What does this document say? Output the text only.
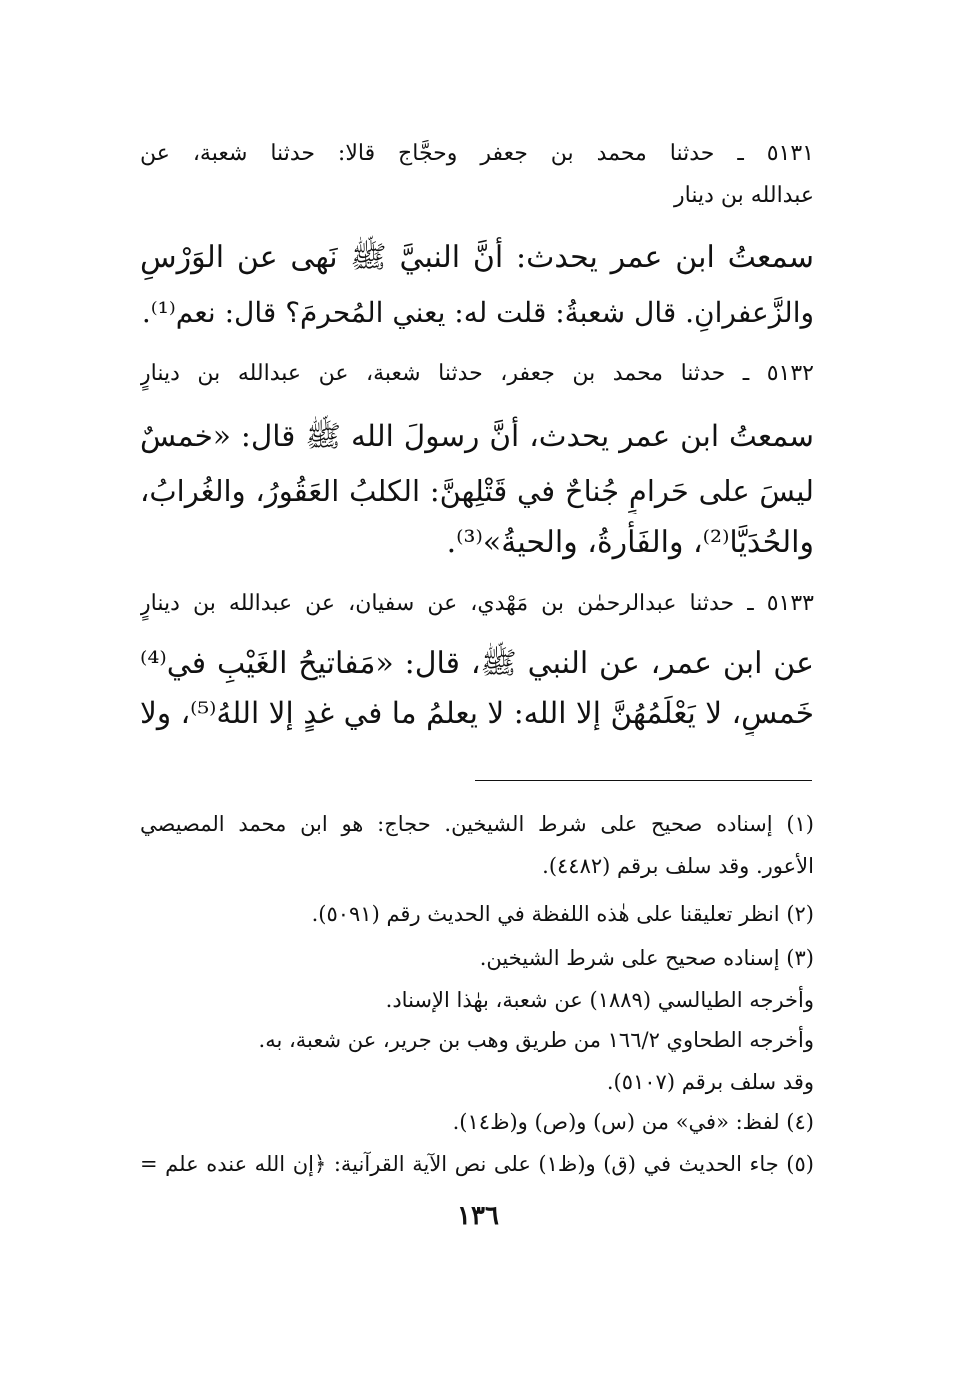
٥١٣١ ـ حدثنا محمد بن جعفر وحجَّاج قالا: حدثنا شعبة، عن
عبدالله بن دينار
سمعتُ ابن عمر يحدث: أنَّ النبيَّ ﷺ نَهى عن الوَرْسِ
والزَّعفرانِ. قال شعبةُ: قلت له: يعني المُحرمَ؟ قال: نعم⁽¹⁾.
٥١٣٢ ـ حدثنا محمد بن جعفر، حدثنا شعبة، عن عبدالله بن دينارٍ
سمعتُ ابن عمر يحدث، أنَّ رسولَ الله ﷺ قال: «خمسٌ
ليسَ على حَرامٍ جُناحٌ في قَتْلِهنَّ: الكلبُ العَقُورُ، والغُرابُ،
والحُدَيَّا⁽²⁾، والفَأْرةُ، والحيةُ»⁽³⁾.
٥١٣٣ ـ حدثنا عبدالرحمٰن بن مَهْدي، عن سفيان، عن عبدالله بن دينارٍ
عن ابن عمر، عن النبي ﷺ، قال: «مَفاتيحُ الغَيْبِ في⁽⁴⁾
خَمسٍ، لا يَعْلَمُهُنَّ إلا الله: لا يعلمُ ما في غدٍ إلا اللهُ⁽⁵⁾، ولا
(١) إسناده صحيح على شرط الشيخين. حجاج: هو ابن محمد المصيصي
الأعور. وقد سلف برقم (٤٤٨٢).
(٢) انظر تعليقنا على هٰذه اللفظة في الحديث رقم (٥٠٩١).
(٣) إسناده صحيح على شرط الشيخين.
وأخرجه الطيالسي (١٨٨٩) عن شعبة، بهٰذا الإسناد.
وأخرجه الطحاوي ١٦٦/٢ من طريق وهب بن جرير، عن شعبة، به.
وقد سلف برقم (٥١٠٧).
(٤) لفظ: «في» من (س) و(ص) و(ظ١٤).
(٥) جاء الحديث في (ق) و(ظ١) على نص الآية القرآنية: ﴿إن الله عنده علم =
١٣٦
